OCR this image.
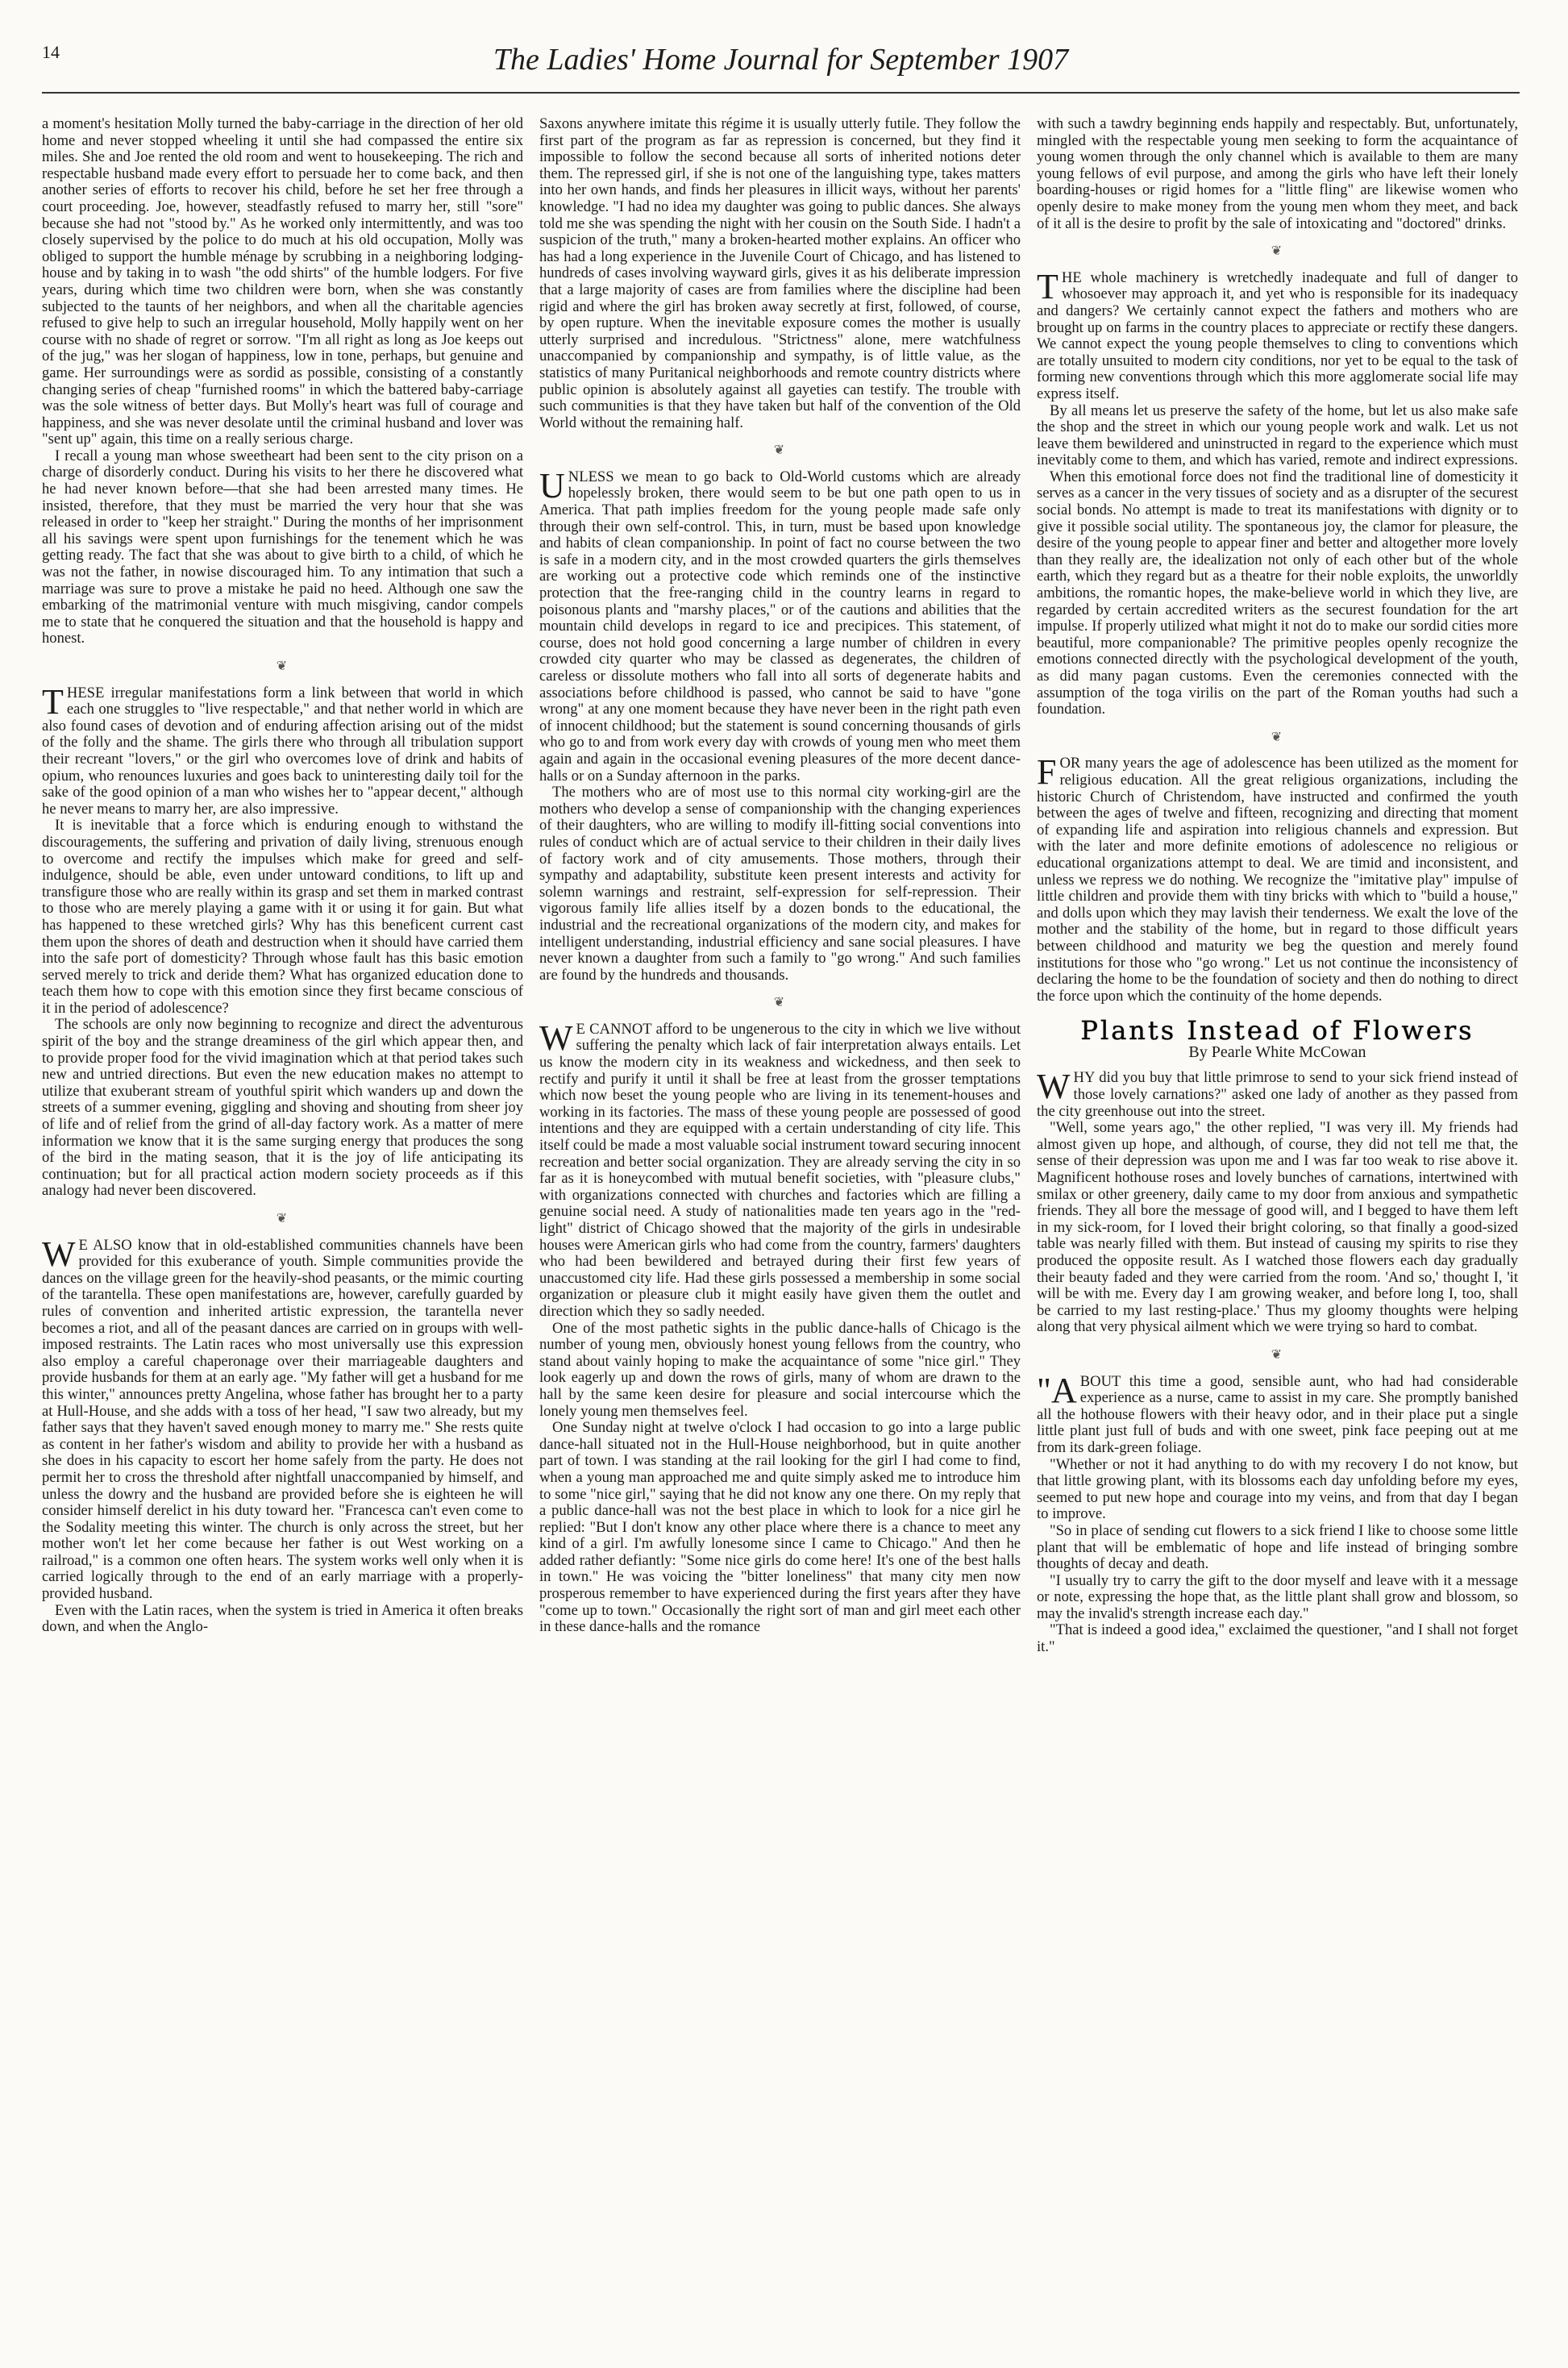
14	The Ladies' Home Journal for September 1907

a moment's hesitation Molly turned the baby-carriage in the direction of her old home and never stopped wheeling it until she had compassed the entire six miles. She and Joe rented the old room and went to housekeeping. The rich and respectable husband made every effort to persuade her to come back, and then another series of efforts to recover his child, before he set her free through a court proceeding. Joe, however, steadfastly refused to marry her, still "sore" because she had not "stood by." As he worked only intermittently, and was too closely supervised by the police to do much at his old occupation, Molly was obliged to support the humble ménage by scrubbing in a neighboring lodging-house and by taking in to wash "the odd shirts" of the humble lodgers. For five years, during which time two children were born, when she was constantly subjected to the taunts of her neighbors, and when all the charitable agencies refused to give help to such an irregular household, Molly happily went on her course with no shade of regret or sorrow. "I'm all right as long as Joe keeps out of the jug," was her slogan of happiness, low in tone, perhaps, but genuine and game. Her surroundings were as sordid as possible, consisting of a constantly changing series of cheap "furnished rooms" in which the battered baby-carriage was the sole witness of better days. But Molly's heart was full of courage and happiness, and she was never desolate until the criminal husband and lover was "sent up" again, this time on a really serious charge.

I recall a young man whose sweetheart had been sent to the city prison on a charge of disorderly conduct. During his visits to her there he discovered what he had never known before—that she had been arrested many times. He insisted, therefore, that they must be married the very hour that she was released in order to "keep her straight." During the months of her imprisonment all his savings were spent upon furnishings for the tenement which he was getting ready. The fact that she was about to give birth to a child, of which he was not the father, in nowise discouraged him. To any intimation that such a marriage was sure to prove a mistake he paid no heed. Although one saw the embarking of the matrimonial venture with much misgiving, candor compels me to state that he conquered the situation and that the household is happy and honest.

❦

THESE irregular manifestations form a link between that world in which each one struggles to "live respectable," and that nether world in which are also found cases of devotion and of enduring affection arising out of the midst of the folly and the shame. The girls there who through all tribulation support their recreant "lovers," or the girl who overcomes love of drink and habits of opium, who renounces luxuries and goes back to uninteresting daily toil for the sake of the good opinion of a man who wishes her to "appear decent," although he never means to marry her, are also impressive.

It is inevitable that a force which is enduring enough to withstand the discouragements, the suffering and privation of daily living, strenuous enough to overcome and rectify the impulses which make for greed and self-indulgence, should be able, even under untoward conditions, to lift up and transfigure those who are really within its grasp and set them in marked contrast to those who are merely playing a game with it or using it for gain. But what has happened to these wretched girls? Why has this beneficent current cast them upon the shores of death and destruction when it should have carried them into the safe port of domesticity? Through whose fault has this basic emotion served merely to trick and deride them? What has organized education done to teach them how to cope with this emotion since they first became conscious of it in the period of adolescence?

The schools are only now beginning to recognize and direct the adventurous spirit of the boy and the strange dreaminess of the girl which appear then, and to provide proper food for the vivid imagination which at that period takes such new and untried directions. But even the new education makes no attempt to utilize that exuberant stream of youthful spirit which wanders up and down the streets of a summer evening, giggling and shoving and shouting from sheer joy of life and of relief from the grind of all-day factory work. As a matter of mere information we know that it is the same surging energy that produces the song of the bird in the mating season, that it is the joy of life anticipating its continuation; but for all practical action modern society proceeds as if this analogy had never been discovered.

❦

WE ALSO know that in old-established communities channels have been provided for this exuberance of youth. Simple communities provide the dances on the village green for the heavily-shod peasants, or the mimic courting of the tarantella. These open manifestations are, however, carefully guarded by rules of convention and inherited artistic expression, the tarantella never becomes a riot, and all of the peasant dances are carried on in groups with well-imposed restraints. The Latin races who most universally use this expression also employ a careful chaperonage over their marriageable daughters and provide husbands for them at an early age. "My father will get a husband for me this winter," announces pretty Angelina, whose father has brought her to a party at Hull-House, and she adds with a toss of her head, "I saw two already, but my father says that they haven't saved enough money to marry me." She rests quite as content in her father's wisdom and ability to provide her with a husband as she does in his capacity to escort her home safely from the party. He does not permit her to cross the threshold after nightfall unaccompanied by himself, and unless the dowry and the husband are provided before she is eighteen he will consider himself derelict in his duty toward her. "Francesca can't even come to the Sodality meeting this winter. The church is only across the street, but her mother won't let her come because her father is out West working on a railroad," is a common one often hears. The system works well only when it is carried logically through to the end of an early marriage with a properly-provided husband.

Even with the Latin races, when the system is tried in America it often breaks down, and when the Anglo-

Saxons anywhere imitate this régime it is usually utterly futile. They follow the first part of the program as far as repression is concerned, but they find it impossible to follow the second because all sorts of inherited notions deter them. The repressed girl, if she is not one of the languishing type, takes matters into her own hands, and finds her pleasures in illicit ways, without her parents' knowledge. "I had no idea my daughter was going to public dances. She always told me she was spending the night with her cousin on the South Side. I hadn't a suspicion of the truth," many a broken-hearted mother explains. An officer who has had a long experience in the Juvenile Court of Chicago, and has listened to hundreds of cases involving wayward girls, gives it as his deliberate impression that a large majority of cases are from families where the discipline had been rigid and where the girl has broken away secretly at first, followed, of course, by open rupture. When the inevitable exposure comes the mother is usually utterly surprised and incredulous. "Strictness" alone, mere watchfulness unaccompanied by companionship and sympathy, is of little value, as the statistics of many Puritanical neighborhoods and remote country districts where public opinion is absolutely against all gayeties can testify. The trouble with such communities is that they have taken but half of the convention of the Old World without the remaining half.

❦

UNLESS we mean to go back to Old-World customs which are already hopelessly broken, there would seem to be but one path open to us in America. That path implies freedom for the young people made safe only through their own self-control. This, in turn, must be based upon knowledge and habits of clean companionship. In point of fact no course between the two is safe in a modern city, and in the most crowded quarters the girls themselves are working out a protective code which reminds one of the instinctive protection that the free-ranging child in the country learns in regard to poisonous plants and "marshy places," or of the cautions and abilities that the mountain child develops in regard to ice and precipices. This statement, of course, does not hold good concerning a large number of children in every crowded city quarter who may be classed as degenerates, the children of careless or dissolute mothers who fall into all sorts of degenerate habits and associations before childhood is passed, who cannot be said to have "gone wrong" at any one moment because they have never been in the right path even of innocent childhood; but the statement is sound concerning thousands of girls who go to and from work every day with crowds of young men who meet them again and again in the occasional evening pleasures of the more decent dance-halls or on a Sunday afternoon in the parks.

The mothers who are of most use to this normal city working-girl are the mothers who develop a sense of companionship with the changing experiences of their daughters, who are willing to modify ill-fitting social conventions into rules of conduct which are of actual service to their children in their daily lives of factory work and of city amusements. Those mothers, through their sympathy and adaptability, substitute keen present interests and activity for solemn warnings and restraint, self-expression for self-repression. Their vigorous family life allies itself by a dozen bonds to the educational, the industrial and the recreational organizations of the modern city, and makes for intelligent understanding, industrial efficiency and sane social pleasures. I have never known a daughter from such a family to "go wrong." And such families are found by the hundreds and thousands.

❦

WE CANNOT afford to be ungenerous to the city in which we live without suffering the penalty which lack of fair interpretation always entails. Let us know the modern city in its weakness and wickedness, and then seek to rectify and purify it until it shall be free at least from the grosser temptations which now beset the young people who are living in its tenement-houses and working in its factories. The mass of these young people are possessed of good intentions and they are equipped with a certain understanding of city life. This itself could be made a most valuable social instrument toward securing innocent recreation and better social organization. They are already serving the city in so far as it is honeycombed with mutual benefit societies, with "pleasure clubs," with organizations connected with churches and factories which are filling a genuine social need. A study of nationalities made ten years ago in the "red-light" district of Chicago showed that the majority of the girls in undesirable houses were American girls who had come from the country, farmers' daughters who had been bewildered and betrayed during their first few years of unaccustomed city life. Had these girls possessed a membership in some social organization or pleasure club it might easily have given them the outlet and direction which they so sadly needed.

One of the most pathetic sights in the public dance-halls of Chicago is the number of young men, obviously honest young fellows from the country, who stand about vainly hoping to make the acquaintance of some "nice girl." They look eagerly up and down the rows of girls, many of whom are drawn to the hall by the same keen desire for pleasure and social intercourse which the lonely young men themselves feel.

One Sunday night at twelve o'clock I had occasion to go into a large public dance-hall situated not in the Hull-House neighborhood, but in quite another part of town. I was standing at the rail looking for the girl I had come to find, when a young man approached me and quite simply asked me to introduce him to some "nice girl," saying that he did not know any one there. On my reply that a public dance-hall was not the best place in which to look for a nice girl he replied: "But I don't know any other place where there is a chance to meet any kind of a girl. I'm awfully lonesome since I came to Chicago." And then he added rather defiantly: "Some nice girls do come here! It's one of the best halls in town." He was voicing the "bitter loneliness" that many city men now prosperous remember to have experienced during the first years after they have "come up to town." Occasionally the right sort of man and girl meet each other in these dance-halls and the romance

with such a tawdry beginning ends happily and respectably. But, unfortunately, mingled with the respectable young men seeking to form the acquaintance of young women through the only channel which is available to them are many young fellows of evil purpose, and among the girls who have left their lonely boarding-houses or rigid homes for a "little fling" are likewise women who openly desire to make money from the young men whom they meet, and back of it all is the desire to profit by the sale of intoxicating and "doctored" drinks.

❦

THE whole machinery is wretchedly inadequate and full of danger to whosoever may approach it, and yet who is responsible for its inadequacy and dangers? We certainly cannot expect the fathers and mothers who are brought up on farms in the country places to appreciate or rectify these dangers. We cannot expect the young people themselves to cling to conventions which are totally unsuited to modern city conditions, nor yet to be equal to the task of forming new conventions through which this more agglomerate social life may express itself.

By all means let us preserve the safety of the home, but let us also make safe the shop and the street in which our young people work and walk. Let us not leave them bewildered and uninstructed in regard to the experience which must inevitably come to them, and which has varied, remote and indirect expressions.

When this emotional force does not find the traditional line of domesticity it serves as a cancer in the very tissues of society and as a disrupter of the securest social bonds. No attempt is made to treat its manifestations with dignity or to give it possible social utility. The spontaneous joy, the clamor for pleasure, the desire of the young people to appear finer and better and altogether more lovely than they really are, the idealization not only of each other but of the whole earth, which they regard but as a theatre for their noble exploits, the unworldly ambitions, the romantic hopes, the make-believe world in which they live, are regarded by certain accredited writers as the securest foundation for the art impulse. If properly utilized what might it not do to make our sordid cities more beautiful, more companionable? The primitive peoples openly recognize the emotions connected directly with the psychological development of the youth, as did many pagan customs. Even the ceremonies connected with the assumption of the toga virilis on the part of the Roman youths had such a foundation.

❦

FOR many years the age of adolescence has been utilized as the moment for religious education. All the great religious organizations, including the historic Church of Christendom, have instructed and confirmed the youth between the ages of twelve and fifteen, recognizing and directing that moment of expanding life and aspiration into religious channels and expression. But with the later and more definite emotions of adolescence no religious or educational organizations attempt to deal. We are timid and inconsistent, and unless we repress we do nothing. We recognize the "imitative play" impulse of little children and provide them with tiny bricks with which to "build a house," and dolls upon which they may lavish their tenderness. We exalt the love of the mother and the stability of the home, but in regard to those difficult years between childhood and maturity we beg the question and merely found institutions for those who "go wrong." Let us not continue the inconsistency of declaring the home to be the foundation of society and then do nothing to direct the force upon which the continuity of the home depends.

Plants Instead of Flowers
By Pearle White McCowan

WHY did you buy that little primrose to send to your sick friend instead of those lovely carnations?" asked one lady of another as they passed from the city greenhouse out into the street.

"Well, some years ago," the other replied, "I was very ill. My friends had almost given up hope, and although, of course, they did not tell me that, the sense of their depression was upon me and I was far too weak to rise above it. Magnificent hothouse roses and lovely bunches of carnations, intertwined with smilax or other greenery, daily came to my door from anxious and sympathetic friends. They all bore the message of good will, and I begged to have them left in my sick-room, for I loved their bright coloring, so that finally a good-sized table was nearly filled with them. But instead of causing my spirits to rise they produced the opposite result. As I watched those flowers each day gradually their beauty faded and they were carried from the room. 'And so,' thought I, 'it will be with me. Every day I am growing weaker, and before long I, too, shall be carried to my last resting-place.' Thus my gloomy thoughts were helping along that very physical ailment which we were trying so hard to combat.

❦

"ABOUT this time a good, sensible aunt, who had had considerable experience as a nurse, came to assist in my care. She promptly banished all the hothouse flowers with their heavy odor, and in their place put a single little plant just full of buds and with one sweet, pink face peeping out at me from its dark-green foliage.

"Whether or not it had anything to do with my recovery I do not know, but that little growing plant, with its blossoms each day unfolding before my eyes, seemed to put new hope and courage into my veins, and from that day I began to improve.

"So in place of sending cut flowers to a sick friend I like to choose some little plant that will be emblematic of hope and life instead of bringing sombre thoughts of decay and death.

"I usually try to carry the gift to the door myself and leave with it a message or note, expressing the hope that, as the little plant shall grow and blossom, so may the invalid's strength increase each day."

"That is indeed a good idea," exclaimed the questioner, "and I shall not forget it."
